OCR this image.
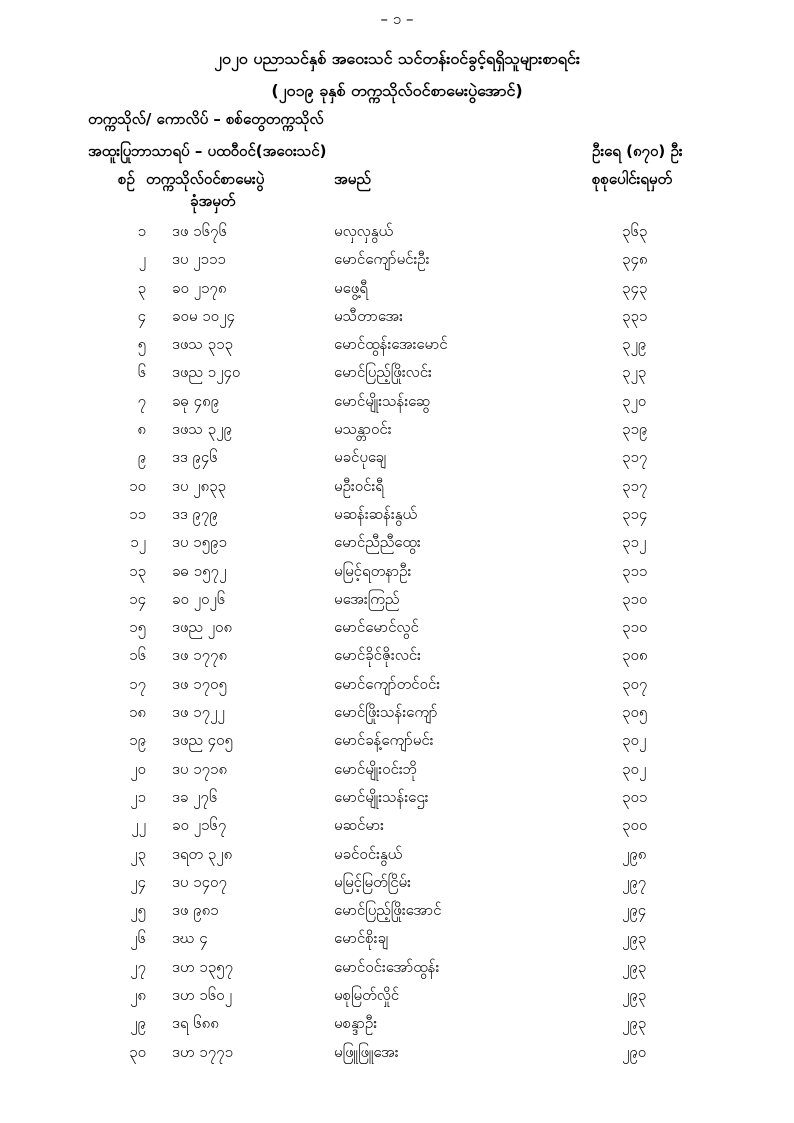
– ၁ –
၂၀၂၀ ပညာသင်နှစ် အဝေးသင် သင်တန်းဝင်ခွင့်ရရှိသူများစာရင်း
(၂၀၁၉ ခုနှစ် တက္ကသိုလ်ဝင်စာမေးပွဲအောင်)
တက္ကသိုလ်/ ကောလိပ် – စစ်တွေတက္ကသိုလ်
အထူးပြုဘာသာရပ် – ပထဝီဝင်(အဝေးသင်)	ဦးရေ (၈၇၀) ဦး
စဉ် တက္ကသိုလ်ဝင်စာမေးပွဲ
ခုံအမှတ်
အမည်	စုစုပေါင်းရမှတ်
၁ ဒဖ ၁၆၇၆	မလှလှနွယ်	၃၆၃
၂ ဒပ ၂၁၁၁	မောင်ကျော်မင်းဦး	၃၄၈
၃ ခဝ ၂၁၇၈	မဖွေ့ရီ	၃၄၃
၄ ခဝမ ၁၀၂၄	မသီတာအေး	၃၃၁
၅ ဒဖသ ၃၁၃	မောင်ထွန်းအေးမောင်	၃၂၉
၆ ဒဖည ၁၂၄၀	မောင်ပြည့်ဖြိုးလင်း	၃၂၃
၇ ခဓု ၄၈၉	မောင်မျိုးသန်းဆွေ	၃၂၀
၈ ဒဖသ ၃၂၉	မသန္တာဝင်း	၃၁၉
၉ ဒဒ ၉၄၆	မခင်ပုချေ	၃၁၇
၁၀ ဒပ ၂၈၃၃	မဦးဝင်းရီ	၃၁၇
၁၁ ဒဒ ၉၇၉	မဆန်းဆန်းနွယ်	၃၁၄
၁၂ ဒပ ၁၅၉၁	မောင်ညီညီထွေး	၃၁၂
၁၃ ခဓ ၁၅၇၂	မမြင့်ရတနာဦး	၃၁၁
၁၄ ခဝ ၂၀၂၆	မအေးကြည်	၃၁၀
၁၅ ဒဖည ၂၀၈	မောင်မောင်လွင်	၃၁၀
၁၆ ဒဖ ၁၇၇၈	မောင်ခိုင်ဇိုးလင်း	၃၀၈
၁၇ ဒဖ ၁၇၀၅	မောင်ကျော်တင်ဝင်း	၃၀၇
၁၈ ဒဖ ၁၇၂၂	မောင်ဖြိုးသန်းကျော်	၃၀၅
၁၉ ဒဖည ၄၀၅	မောင်ခန့်ကျော်မင်း	၃၀၂
၂၀ ဒပ ၁၇၁၈	မောင်မျိုးဝင်းဘို	၃၀၂
၂၁ ဒခ ၂၇၆	မောင်မျိုးသန်းဌေး	၃၀၁
၂၂ ခဝ ၂၁၆၇	မဆင်မား	၃၀၀
၂၃ ဒရတ ၃၂၈	မခင်ဝင်းနွယ်	၂၉၈
၂၄ ဒပ ၁၄၀၇	မမြင့်မြတ်ငြိမ်း	၂၉၇
၂၅ ဒဖ ၉၈၁	မောင်ပြည့်ဖြိုးအောင်	၂၉၄
၂၆ ဒဃ ၄	မောင်စိုးချ	၂၉၃
၂၇ ဒဟ ၁၃၅၇	မောင်ဝင်းအော်ထွန်း	၂၉၃
၂၈ ဒဟ ၁၆၀၂	မစုမြတ်လှိုင်	၂၉၃
၂၉ ဒရ ၆၈၈	မစန္ဒာဦး	၂၉၃
၃၀ ဒဟ ၁၇၇၁	မဖြူဖြူအေး	၂၉၀
